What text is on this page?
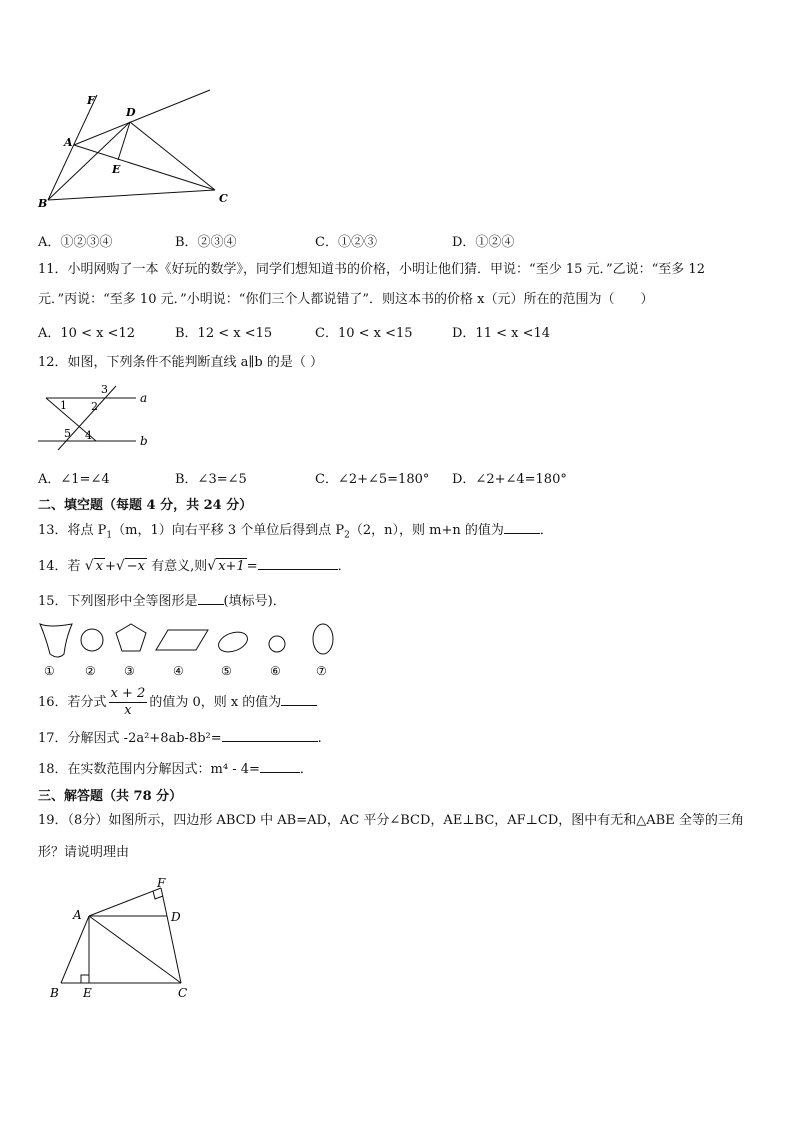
F
D
A
E
B	C
A．①②③④	B．②③④	C．①②③	D．①②④
11．小明网购了一本《好玩的数学》，同学们想知道书的价格，小明让他们猜．甲说：“至少 15 元．”乙说：“至多 12
元．”丙说：“至多 10 元．”小明说：“你们三个人都说错了”．则这本书的价格 x（元）所在的范围为（　　）
A．10 < x <12	B．12 < x <15	C．10 < x <15	D．11 < x <14
12．如图，下列条件不能判断直线 a∥b 的是（ ）
1 2
3
4
5
a
b
A．∠1=∠4	B．∠3=∠5	C．∠2+∠5=180° D．∠2+∠4=180°
二、填空题（每题 4 分，共 24 分）
13．将点 $P_1(m$，1）向右平移 3 个单位后得到点 $P_2(2$，n），则 m+n 的值为	．
14．若 √ x +√ −x 有意义,则√ x+1 =	．
15．下列图形中全等图形是 (填标号)．
①	② ③	④	⑤	⑥	⑦
16．若分式 $\frac{x + 2}{x}$ 的值为 0，则 x 的值为
17．分解因式 -2a²+8ab-8b²=	.
18．在实数范围内分解因式：m⁴ - 4=	．
三、解答题（共 78 分）
19．（8分）如图所示，四边形 ABCD 中 AB=AD，AC 平分∠BCD，AE⊥BC，AF⊥CD，图中有无和△ABE 全等的三角
形？请说明理由
A
F
D
B E	C
